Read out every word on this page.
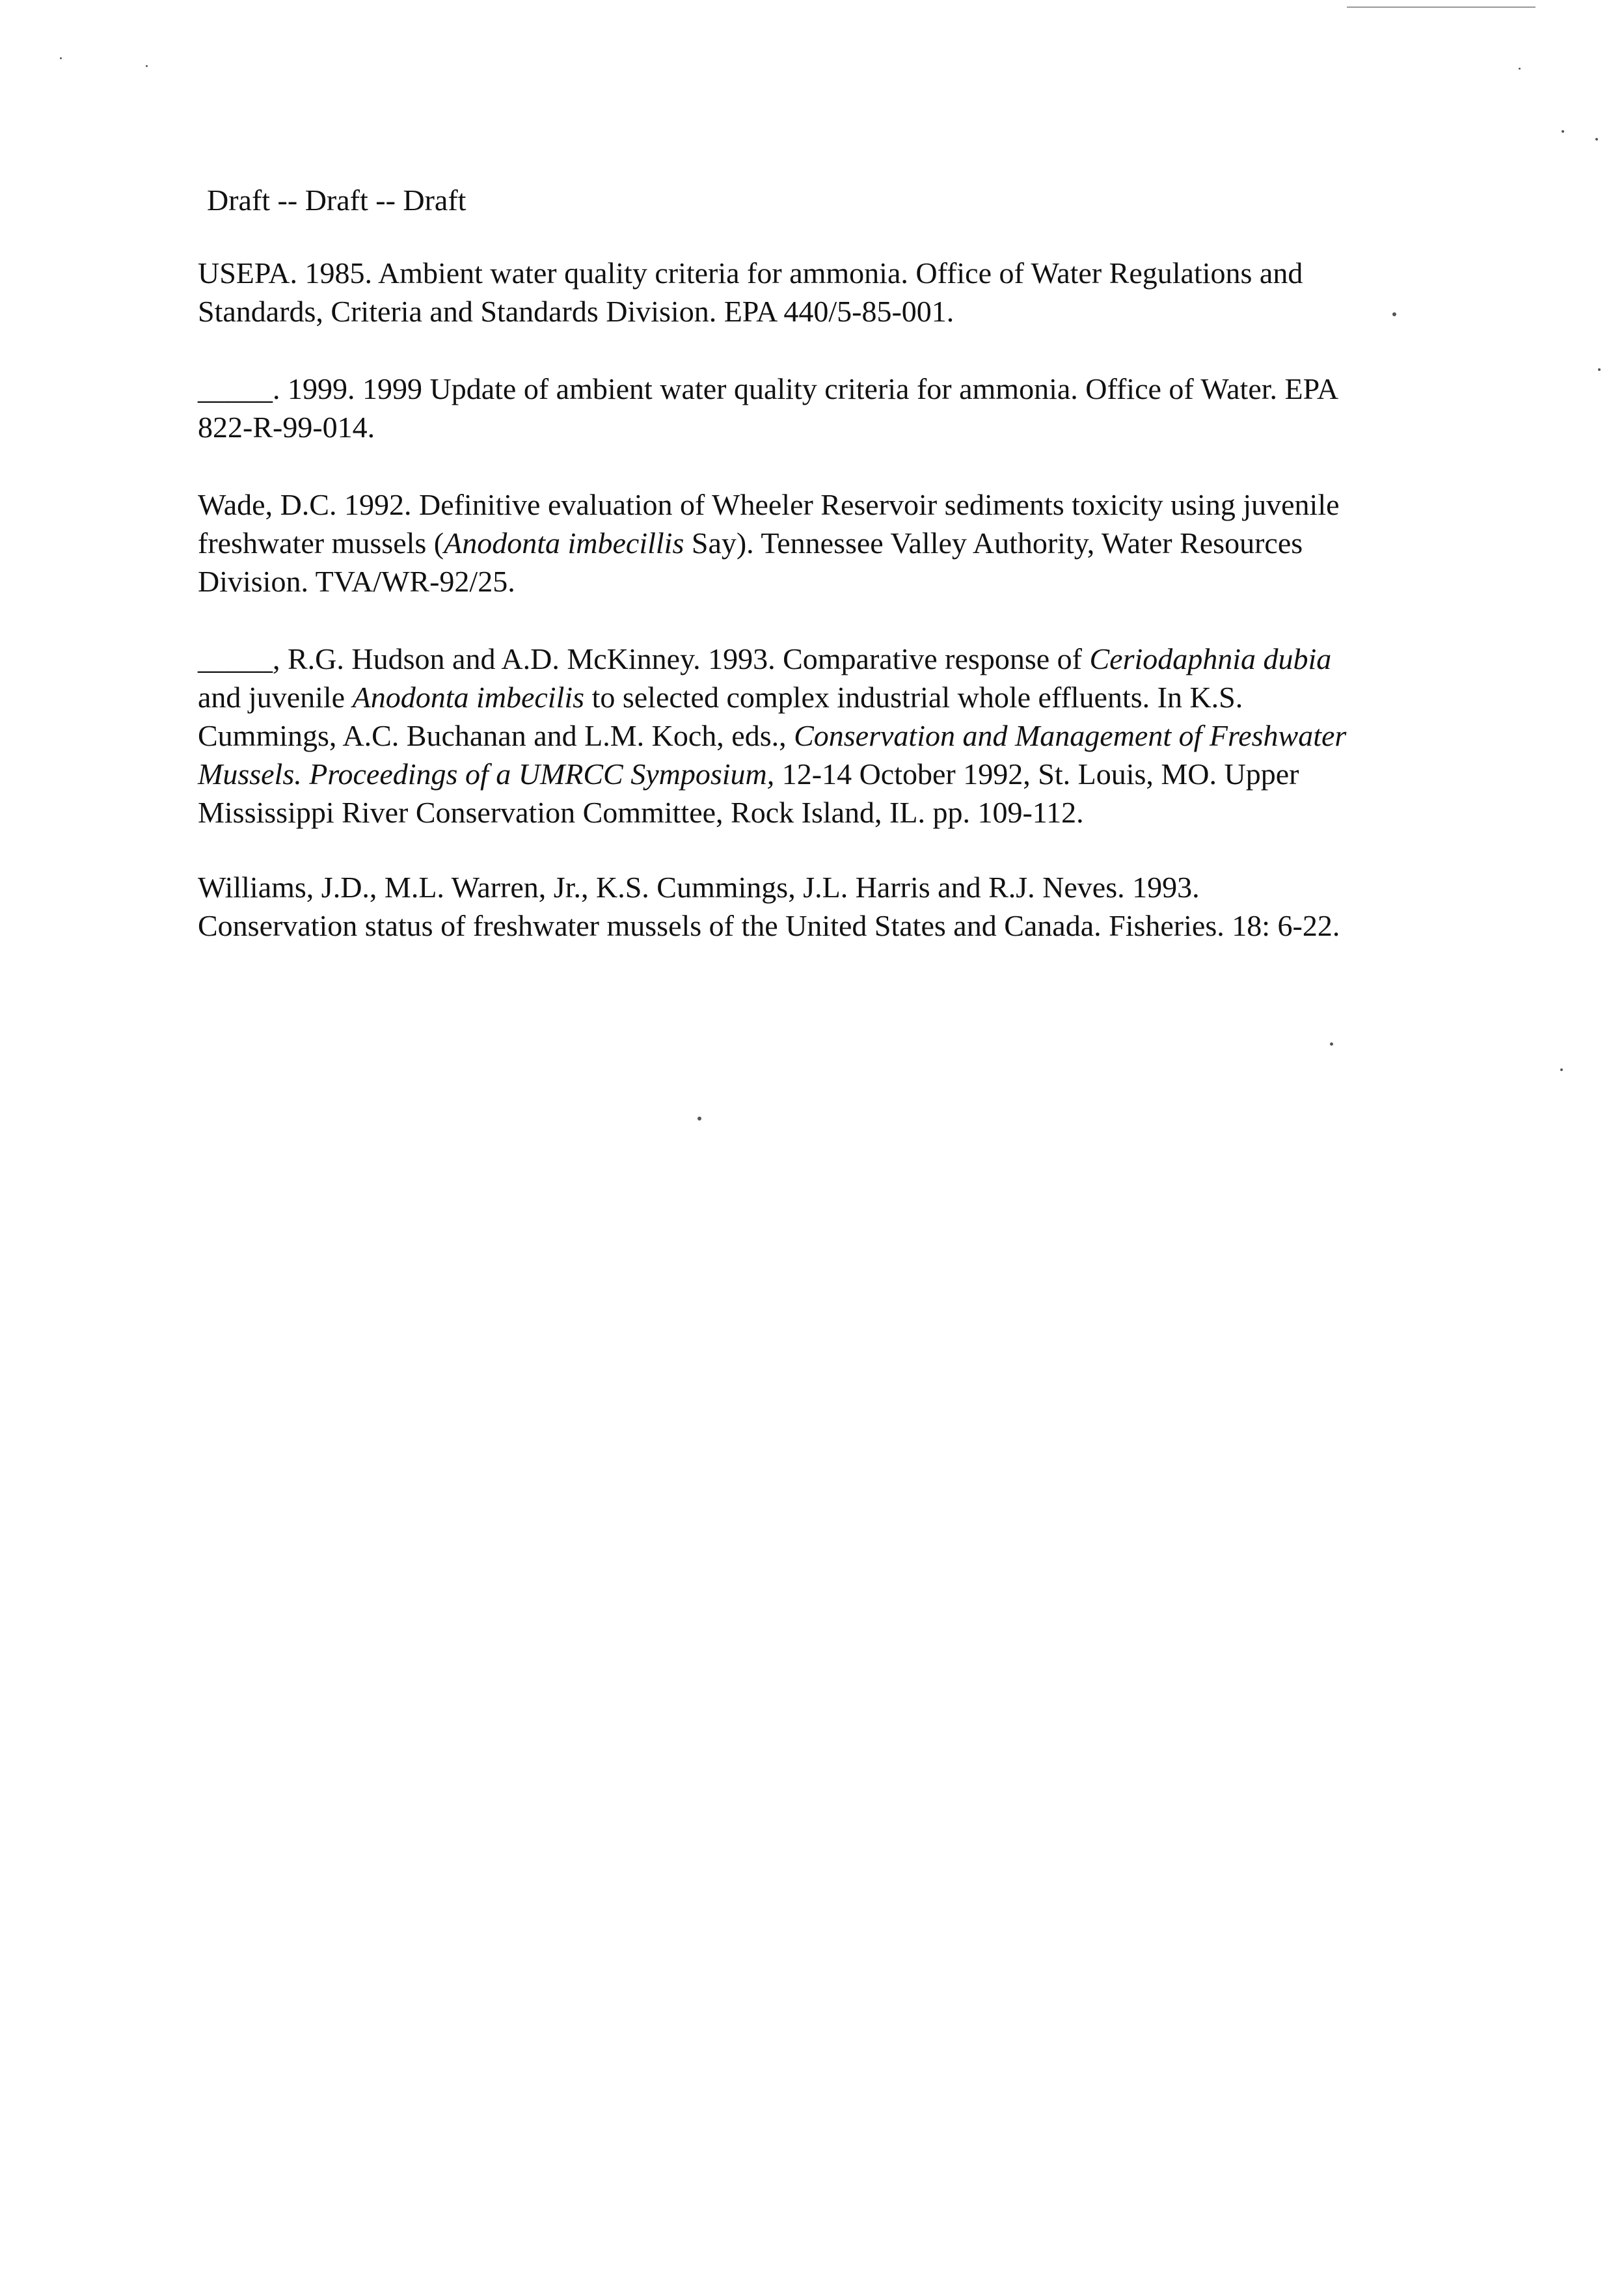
Draft -- Draft -- Draft
USEPA. 1985. Ambient water quality criteria for ammonia. Office of Water Regulations and
Standards, Criteria and Standards Division. EPA 440/5-85-001.
_____. 1999. 1999 Update of ambient water quality criteria for ammonia. Office of Water. EPA
822-R-99-014.
Wade, D.C. 1992. Definitive evaluation of Wheeler Reservoir sediments toxicity using juvenile
freshwater mussels (Anodonta imbecillis Say). Tennessee Valley Authority, Water Resources
Division. TVA/WR-92/25.
_____, R.G. Hudson and A.D. McKinney. 1993. Comparative response of Ceriodaphnia dubia
and juvenile Anodonta imbecilis to selected complex industrial whole effluents. In K.S.
Cummings, A.C. Buchanan and L.M. Koch, eds., Conservation and Management of Freshwater
Mussels. Proceedings of a UMRCC Symposium, 12-14 October 1992, St. Louis, MO. Upper
Mississippi River Conservation Committee, Rock Island, IL. pp. 109-112.
Williams, J.D., M.L. Warren, Jr., K.S. Cummings, J.L. Harris and R.J. Neves. 1993.
Conservation status of freshwater mussels of the United States and Canada. Fisheries. 18: 6-22.
